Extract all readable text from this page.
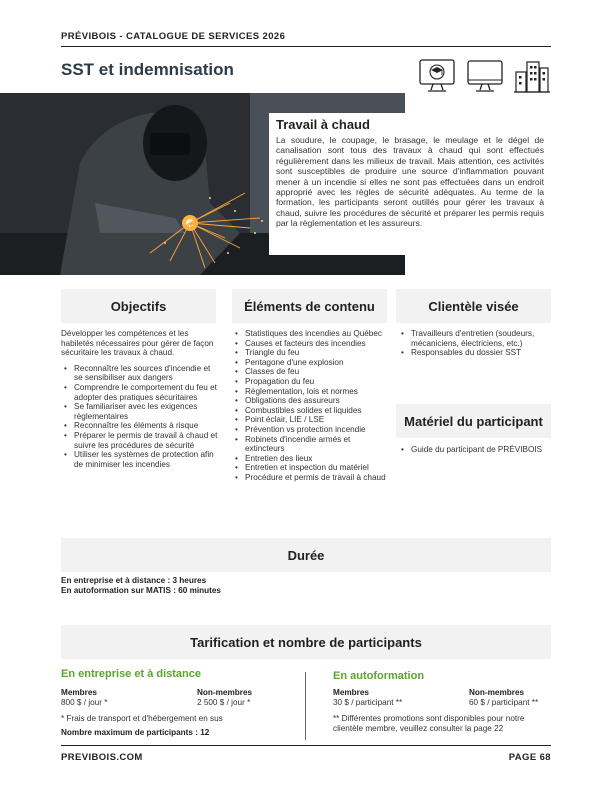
PRÉVIBOIS - CATALOGUE DE SERVICES 2026
SST et indemnisation
Travail à chaud
La soudure, le coupage, le brasage, le meulage et le dégel de canalisation sont tous des travaux à chaud qui sont effectués régulièrement dans les milieux de travail. Mais attention, ces activités sont susceptibles de produire une source d'inflammation pouvant mener à un incendie si elles ne sont pas effectuées dans un endroit approprié avec les règles de sécurité adéquates. Au terme de la formation, les participants seront outillés pour gérer les travaux à chaud, suivre les procédures de sécurité et préparer les permis requis par la règlementation et les assureurs.
Objectifs	Éléments de contenu	Clientèle visée
Matériel du participant

Développer les compétences et les habiletés nécessaires pour gérer de façon sécuritaire les travaux à chaud.

• Reconnaître les sources d'incendie et se sensibiliser aux dangers
• Comprendre le comportement du feu et adopter des pratiques sécuritaires
• Se familiariser avec les exigences règlementaires
• Reconnaître les éléments à risque
• Préparer le permis de travail à chaud et suivre les procédures de sécurité
• Utiliser les systèmes de protection afin de minimiser les incendies
• Statistiques des incendies au Québec
• Causes et facteurs des incendies
• Triangle du feu
• Pentagone d'une explosion
• Classes de feu
• Propagation du feu
• Règlementation, lois et normes
• Obligations des assureurs
• Combustibles solides et liquides
• Point éclair, LIE / LSE
• Prévention vs protection incendie
• Robinets d'incendie armés et extincteurs
• Entretien des lieux
• Entretien et inspection du matériel
• Procédure et permis de travail à chaud
• Travailleurs d'entretien (soudeurs, mécaniciens, électriciens, etc.)
• Responsables du dossier SST
• Guide du participant de PRÉVIBOIS
Durée
En entreprise et à distance : 3 heures
En autoformation sur MATIS : 60 minutes
Tarification et nombre de participants
En entreprise et à distance
Membres
800 $ / jour *
Non-membres
2 500 $ / jour *
* Frais de transport et d'hébergement en sus
Nombre maximum de participants : 12
En autoformation
Membres
30 $ / participant **
Non-membres
60 $ / participant **
** Différentes promotions sont disponibles pour notre clientèle membre, veuillez consulter la page 22
PREVIBOIS.COM	PAGE 68
